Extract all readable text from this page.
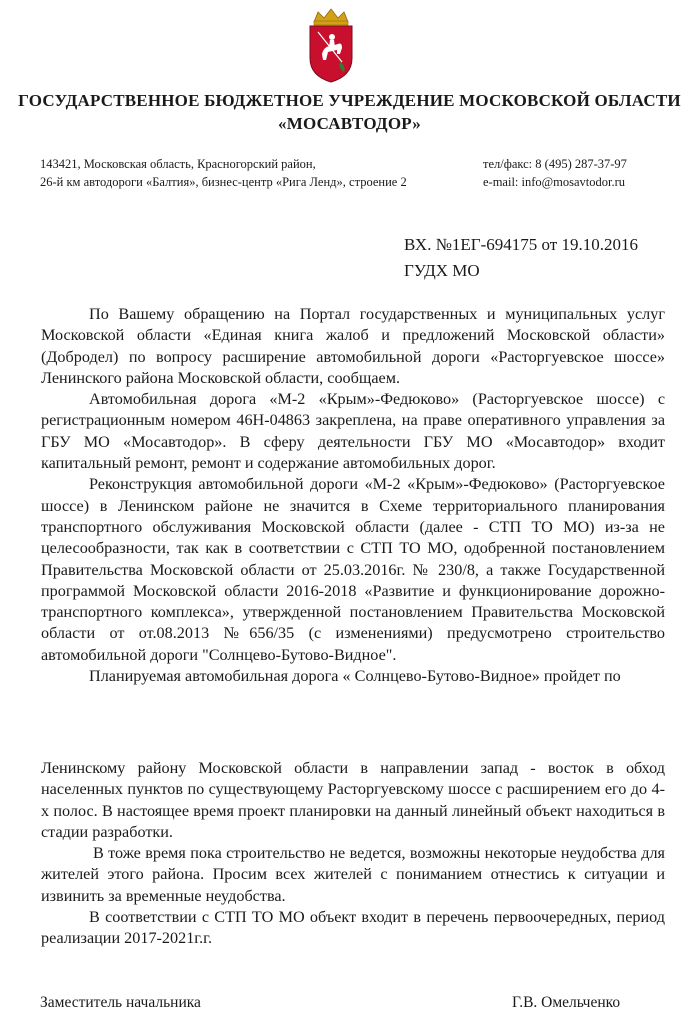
ГОСУДАРСТВЕННОЕ БЮДЖЕТНОЕ УЧРЕЖДЕНИЕ МОСКОВСКОЙ ОБЛАСТИ
«МОСАВТОДОР»
143421, Московская область, Красногорский район,
26-й км автодороги «Балтия», бизнес-центр «Рига Ленд», строение 2
тел/факс: 8 (495) 287-37-97
e-mail: info@mosavtodor.ru
ВХ. №1ЕГ-694175 от 19.10.2016
ГУДХ МО

По Вашему обращению на Портал государственных и муниципальных услуг Московской области «Единая книга жалоб и предложений Московской области» (Добродел) по вопросу расширение автомобильной дороги «Расторгуевское шоссе» Ленинского района Московской области, сообщаем.

Автомобильная дорога «М-2 «Крым»-Федюково» (Расторгуевское шоссе) с регистрационным номером 46Н-04863 закреплена, на праве оперативного управления за ГБУ МО «Мосавтодор». В сферу деятельности ГБУ МО «Мосавтодор» входит капитальный ремонт, ремонт и содержание автомобильных дорог.

Реконструкция автомобильной дороги «М-2 «Крым»-Федюково» (Расторгуевское шоссе) в Ленинском районе не значится в Схеме территориального планирования транспортного обслуживания Московской области (далее - СТП ТО МО) из-за не целесообразности, так как в соответствии с СТП ТО МО, одобренной постановлением Правительства Московской области от 25.03.2016г. № 230/8, а также Государственной программой Московской области 2016-2018 «Развитие и функционирование дорожно-транспортного комплекса», утвержденной постановлением Правительства Московской области от от.08.2013 №656/35 (с изменениями) предусмотрено строительство автомобильной дороги "Солнцево-Бутово-Видное".

Планируемая автомобильная дорога « Солнцево-Бутово-Видное» пройдет по

Ленинскому району Московской области в направлении запад - восток в обход населенных пунктов по существующему Расторгуевскому шоссе с расширением его до 4-х полос. В настоящее время проект планировки на данный линейный объект находиться в стадии разработки.

В тоже время пока строительство не ведется, возможны некоторые неудобства для жителей этого района. Просим всех жителей с пониманием отнестись к ситуации и извинить за временные неудобства.

В соответствии с СТП ТО МО объект входит в перечень первоочередных, период реализации 2017-2021г.г.

Заместитель начальника	Г.В. Омельченко
